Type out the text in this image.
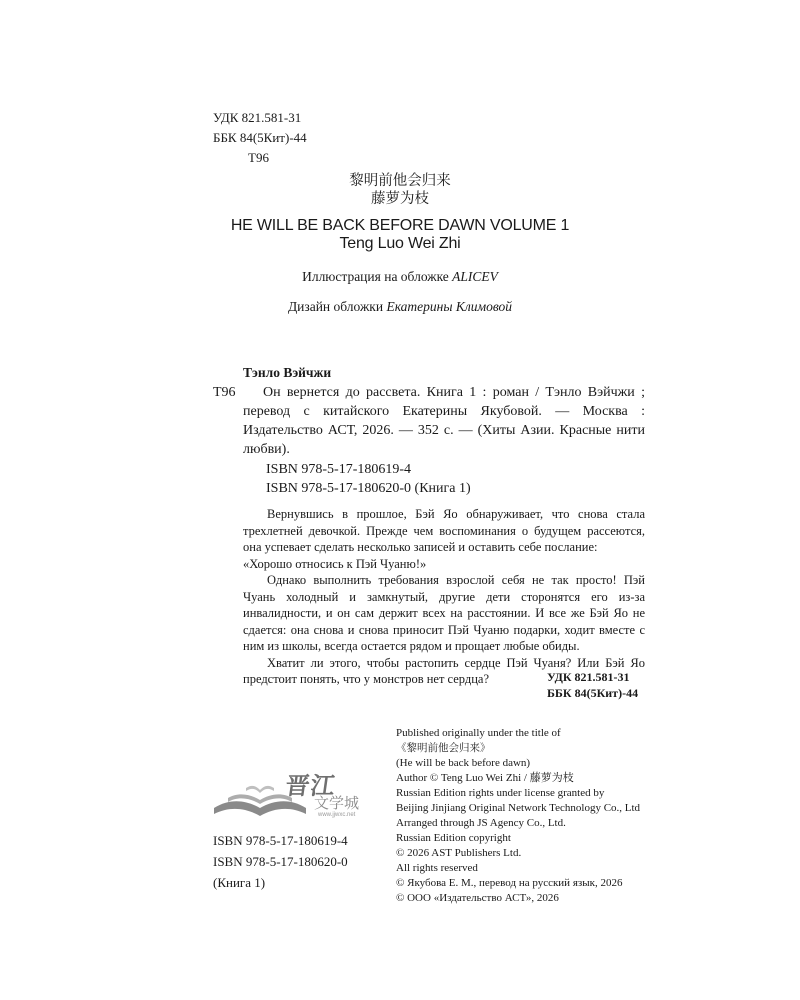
УДК 821.581-31
ББК 84(5Кит)-44
Т96
黎明前他会归来
藤萝为枝
HE WILL BE BACK BEFORE DAWN VOLUME 1
Teng Luo Wei Zhi
Иллюстрация на обложке ALICEV
Дизайн обложки Екатерины Климовой
Тэнло Вэйчжи
Т96	Он вернется до рассвета. Книга 1 : роман / Тэнло Вэйчжи ; перевод с китайского Екатерины Якубовой. — Москва : Издательство АСТ, 2026. — 352 с. — (Хиты Азии. Красные нити любви).
ISBN 978-5-17-180619-4
ISBN 978-5-17-180620-0 (Книга 1)

Вернувшись в прошлое, Бэй Яо обнаруживает, что снова стала трехлетней девочкой. Прежде чем воспоминания о будущем рассеются, она успевает сделать несколько записей и оставить себе послание:

«Хорошо относись к Пэй Чуаню!»

Однако выполнить требования взрослой себя не так просто! Пэй Чуань холодный и замкнутый, другие дети сторонятся его из-за инвалидности, и он сам держит всех на расстоянии. И все же Бэй Яо не сдается: она снова и снова приносит Пэй Чуаню подарки, ходит вместе с ним из школы, всегда остается рядом и прощает любые обиды.

Хватит ли этого, чтобы растопить сердце Пэй Чуаня? Или Бэй Яо предстоит понять, что у монстров нет сердца?	УДК 821.581-31
ББК 84(5Кит)-44
Published originally under the title of
《黎明前他会归来》
(He will be back before dawn)
Author © Teng Luo Wei Zhi / 藤萝为枝
Russian Edition rights under license granted by
Beijing Jinjiang Original Network Technology Co., Ltd
Arranged through JS Agency Co., Ltd.
Russian Edition copyright
© 2026 AST Publishers Ltd.
All rights reserved
© Якубова Е. М., перевод на русский язык, 2026
© ООО «Издательство АСТ», 2026
晋江
文学城
www.jjwxc.net
ISBN 978-5-17-180619-4
ISBN 978-5-17-180620-0
(Книга 1)
